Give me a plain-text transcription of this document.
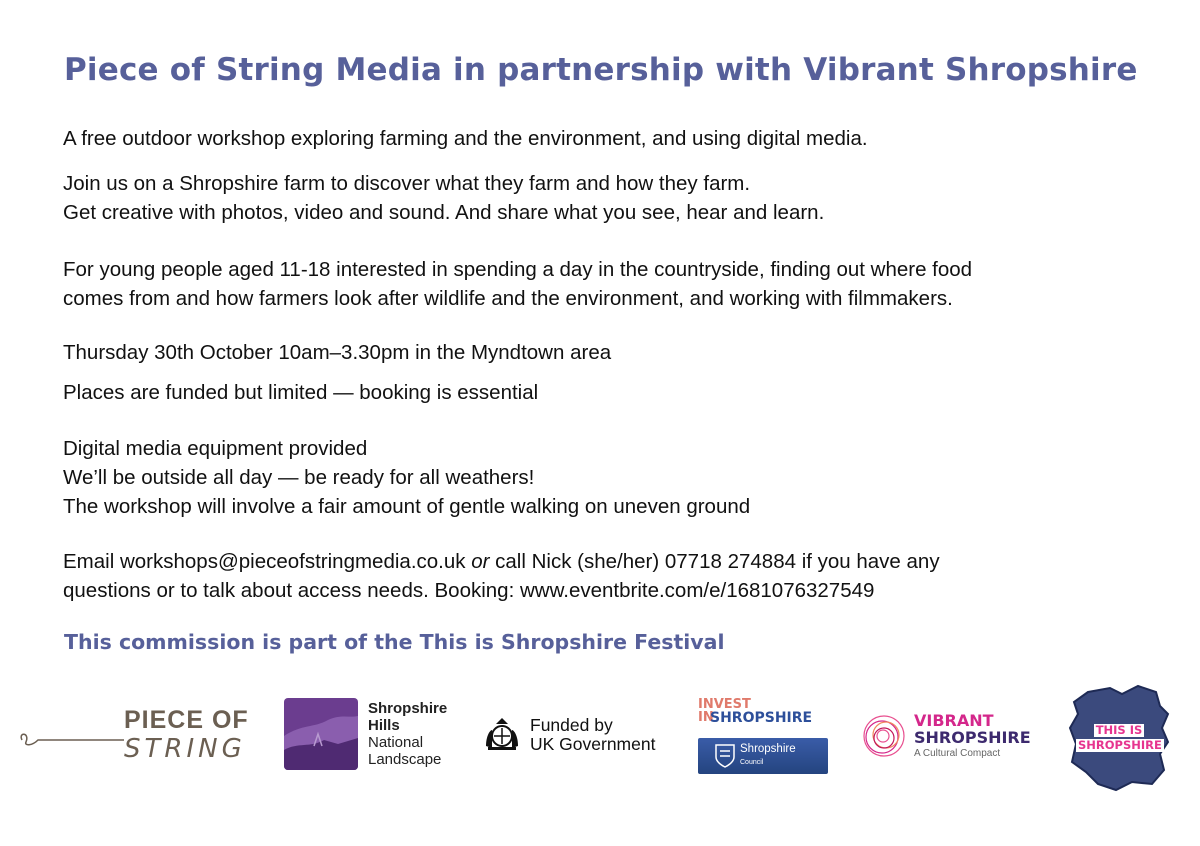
Piece of String Media in partnership with Vibrant Shropshire

A free outdoor workshop exploring farming and the environment, and using digital media.

Join us on a Shropshire farm to discover what they farm and how they farm.
Get creative with photos, video and sound. And share what you see, hear and learn.

For young people aged 11-18 interested in spending a day in the countryside, finding out where food
comes from and how farmers look after wildlife and the environment, and working with filmmakers.

Thursday 30th October 10am–3.30pm in the Myndtown area

Places are funded but limited — booking is essential

Digital media equipment provided
We’ll be outside all day — be ready for all weathers!
The workshop will involve a fair amount of gentle walking on uneven ground

Email workshops@pieceofstringmedia.co.uk or call Nick (she/her) 07718 274884 if you have any
questions or to talk about access needs. Booking: www.eventbrite.com/e/1681076327549

This commission is part of the This is Shropshire Festival

PIECE OF
STRING
Shropshire
Hills
National
Landscape
Funded by
UK Government
INVEST
IN
SHROPSHIRE
Shropshire
Council
VIBRANT
SHROPSHIRE
A Cultural Compact
THIS IS
SHROPSHIRE
